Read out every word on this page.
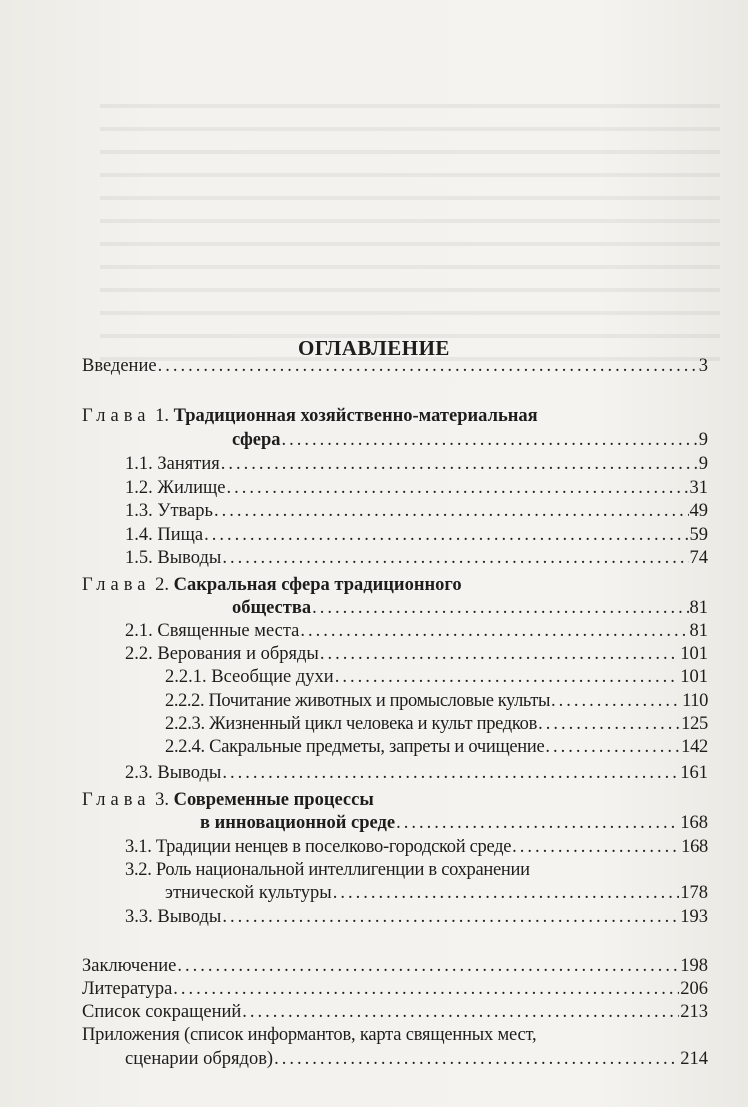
ОГЛАВЛЕНИЕ
Введение .....	3
Глава 1. Традиционная хозяйственно-материальная
сфера .....	9
1.1. Занятия .....	9
1.2. Жилище .....	31
1.3. Утварь .....	49
1.4. Пища .....	59
1.5. Выводы .....	74
Глава 2. Сакральная сфера традиционного
общества .....	81
2.1. Священные места .....	81
2.2. Верования и обряды .....	101
2.2.1. Всеобщие духи .....	101
2.2.2. Почитание животных и промысловые культы .....	110
2.2.3. Жизненный цикл человека и культ предков .....	125
2.2.4. Сакральные предметы, запреты и очищение .....	142
2.3. Выводы .....	161
Глава 3. Современные процессы
в инновационной среде .....	168
3.1. Традиции ненцев в поселково-городской среде .....	168
3.2. Роль национальной интеллигенции в сохранении
этнической культуры .....	178
3.3. Выводы .....	193
Заключение .....	198
Литература .....	206
Список сокращений .....	213
Приложения (список информантов, карта священных мест,
сценарии обрядов) .....	214
